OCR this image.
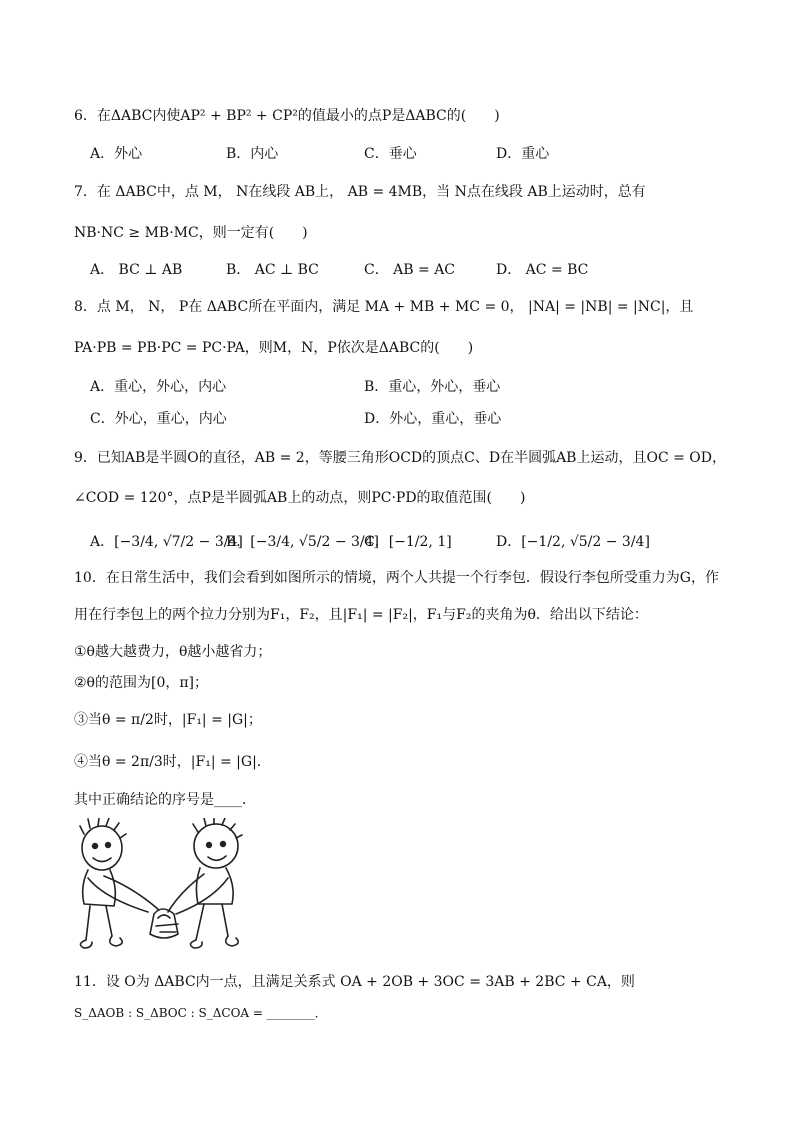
6．在ΔABC内使AP² + BP² + CP²的值最小的点P是ΔABC的(　　)
A．外心	B．内心	C．垂心	D．重心
7．在 ΔABC中，点 M， N在线段 AB上， AB = 4MB，当 N点在线段 AB上运动时，总有
NB·NC ≥ MB·MC，则一定有(　　)
A． BC ⊥ AB	B． AC ⊥ BC	C． AB = AC	D． AC = BC
8．点 M， N， P在 ΔABC所在平面内，满足 MA + MB + MC = 0， |NA| = |NB| = |NC|，且
PA·PB = PB·PC = PC·PA，则M，N，P依次是ΔABC的(　　)
A．重心，外心，内心	B．重心，外心，垂心
C．外心，重心，内心	D．外心，重心，垂心
9．已知AB是半圆O的直径，AB = 2，等腰三角形OCD的顶点C、D在半圆弧AB上运动，且OC = OD，
∠COD = 120°，点P是半圆弧AB上的动点，则PC·PD的取值范围(　　)
A．[−3/4, √7/2 − 3/4]
B．[−3/4, √5/2 − 3/4]
C．[−1/2, 1]	D．[−1/2, √5/2 − 3/4]
10．在日常生活中，我们会看到如图所示的情境，两个人共提一个行李包．假设行李包所受重力为G，作
用在行李包上的两个拉力分别为F₁，F₂，且|F₁| = |F₂|，F₁与F₂的夹角为θ．给出以下结论：
①θ越大越费力，θ越小越省力；
②θ的范围为[0，π]；
③当θ = π/2时，|F₁| = |G|；
④当θ = 2π/3时，|F₁| = |G|．
其中正确结论的序号是____．
11．设 O为 ΔABC内一点，且满足关系式 OA + 2OB + 3OC = 3AB + 2BC + CA，则
S_ΔAOB : S_ΔBOC : S_ΔCOA = ________．
